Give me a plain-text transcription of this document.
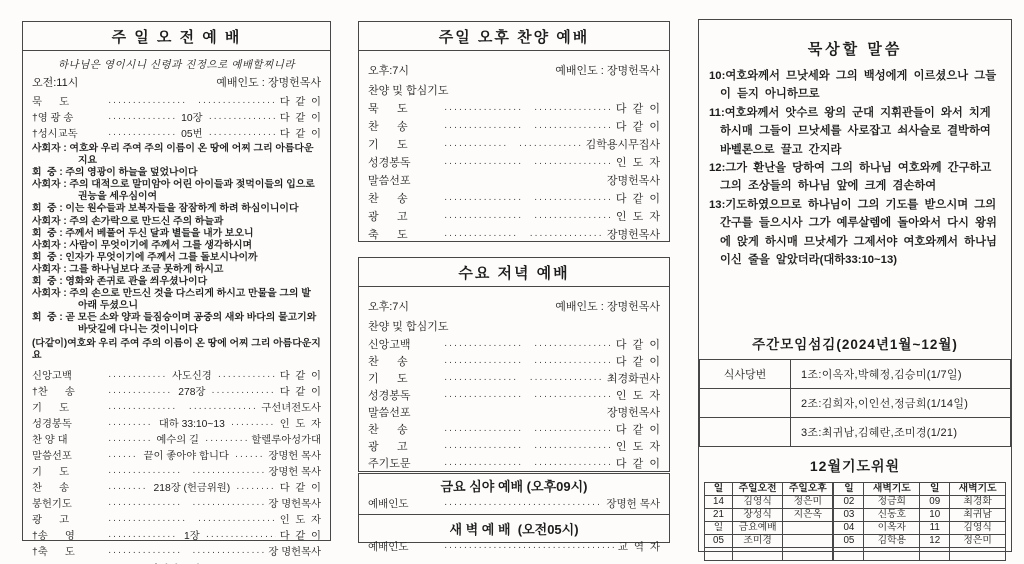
주 일 오 전 예 배
하나님은 영이시니 신령과 진정으로 예배할찌니라
오전:11시	예배인도 : 장명헌목사
묵      도 ····· ·····	다  같  이
†영 광 송 ·····	10장 ·····	다  같  이
†성시교독 ·····	05번 ·····	다  같  이

사회자 : 여호와 우리 주여 주의 이름이 온 땅에 어찌 그리 아름다운지요

회  중 : 주의 영광이 하늘을 덮었나이다

사회자 : 주의 대적으로 말미암아 어린 아이들과 젖먹이들의 입으로 권능을 세우심이여

회  중 : 이는 원수들과 보복자들을 잠잠하게 하려 하심이니이다

사회자 : 주의 손가락으로 만드신 주의 하늘과

회  중 : 주께서 베풀어 두신 달과 별들을 내가 보오니

사회자 : 사람이 무엇이기에 주께서 그를 생각하시며

회  중 : 인자가 무엇이기에 주께서 그를 돌보시나이까

사회자 : 그를 하나님보다 조금 못하게 하시고

회  중 : 영화와 존귀로 관을 씌우셨나이다

사회자 : 주의 손으로 만드신 것을 다스리게 하시고 만물을 그의 발 아래 두셨으니

회  중 : 곧 모든 소와 양과 들짐승이며 공중의 새와 바다의 물고기와 바닷길에 다니는 것이니이다

(다같이)여호와 우리 주여 주의 이름이 온 땅에 어찌 그리 아름다운지요

신앙고백 ·····	사도신경 ·····	다  같  이
†찬      송 ·····	278장 ·····	다  같  이
기      도 ····· ·····	구선녀전도사
성경봉독 ·····	대하 33:10~13 ·····	인  도  자
찬 양 대 ·····	예수의 길 ·····	할렐루아성가대
말씀선포 ·····	끝이 좋아야 합니다 ·····	장명헌 목사
기      도 ····· ·····	장명헌 목사
찬      송 ·····	218장 (헌금위원) ·····	다  같  이
봉헌기도 ····· ·····	장 명헌목사
광      고 ····· ·····	인  도  자
†송      영 ·····	1장 ·····	다  같  이
†축      도 ····· ·····	장 명헌목사
주일 오후 찬양 예배
오후:7시	예배인도 : 장명헌목사
찬양 및 합심기도
묵      도 ····· ·····	다  같  이
찬      송 ····· ·····	다  같  이
기      도 ····· ·····	김학용시무집사
성경봉독 ····· ·····	인  도  자
말씀선포	장명헌목사
찬      송 ····· ·····	다  같  이
광      고 ····· ·····	인  도  자
축      도 ····· ·····	장명헌목사
수요 저녁 예배
오후:7시	예배인도 : 장명헌목사
찬양 및 합심기도
신앙고백 ····· ·····	다  같  이
찬      송 ····· ·····	다  같  이
기      도 ····· ·····	최경화권사
성경봉독 ····· ·····	인  도  자
말씀선포	장명헌목사
찬      송 ····· ·····	다  같  이
광      고 ····· ·····	인  도  자
주기도문 ····· ·····	다  같  이
금요 심야 예배 (오후09시)
예배인도 ·····	장명헌 목사
새 벽 예 배  (오전05시)
예배인도 ·····	교  역  자
묵상할 말씀

10:여호와께서 므낫세와 그의 백성에게 이르셨으나 그들이 듣지 아니하므로

11:여호와께서 앗수르 왕의 군대 지휘관들이 와서 치게 하시매 그들이 므낫세를 사로잡고 쇠사슬로 결박하여 바벨론으로 끌고 간지라

12:그가 환난을 당하여 그의 하나님 여호와께 간구하고 그의 조상들의 하나님 앞에 크게 겸손하여

13:기도하였으므로 하나님이 그의 기도를 받으시며 그의 간구를 들으시사 그가 예루살렘에 돌아와서 다시 왕위에 앉게 하시매 므낫세가 그제서야 여호와께서 하나님이신 줄을 알았더라(대하33:10~13)

주간모임섬김(2024년1월~12월)
식사당번	1조:이옥자,박혜정,김승미(1/7일)
	2조:김희자,이인선,정금희(1/14일)
	3조:최귀남,김혜란,조미경(1/21)
12월기도위원
일	주일오전	주일오후
14	김영식	정은미
21	장성식	지은옥
일	금요예배	
05	조미경	

일	새벽기도	일	새벽기도
02	정금희	09	최경화
03	신동호	10	최귀남
04	이옥자	11	김영식
05	김학용	12	정은미
